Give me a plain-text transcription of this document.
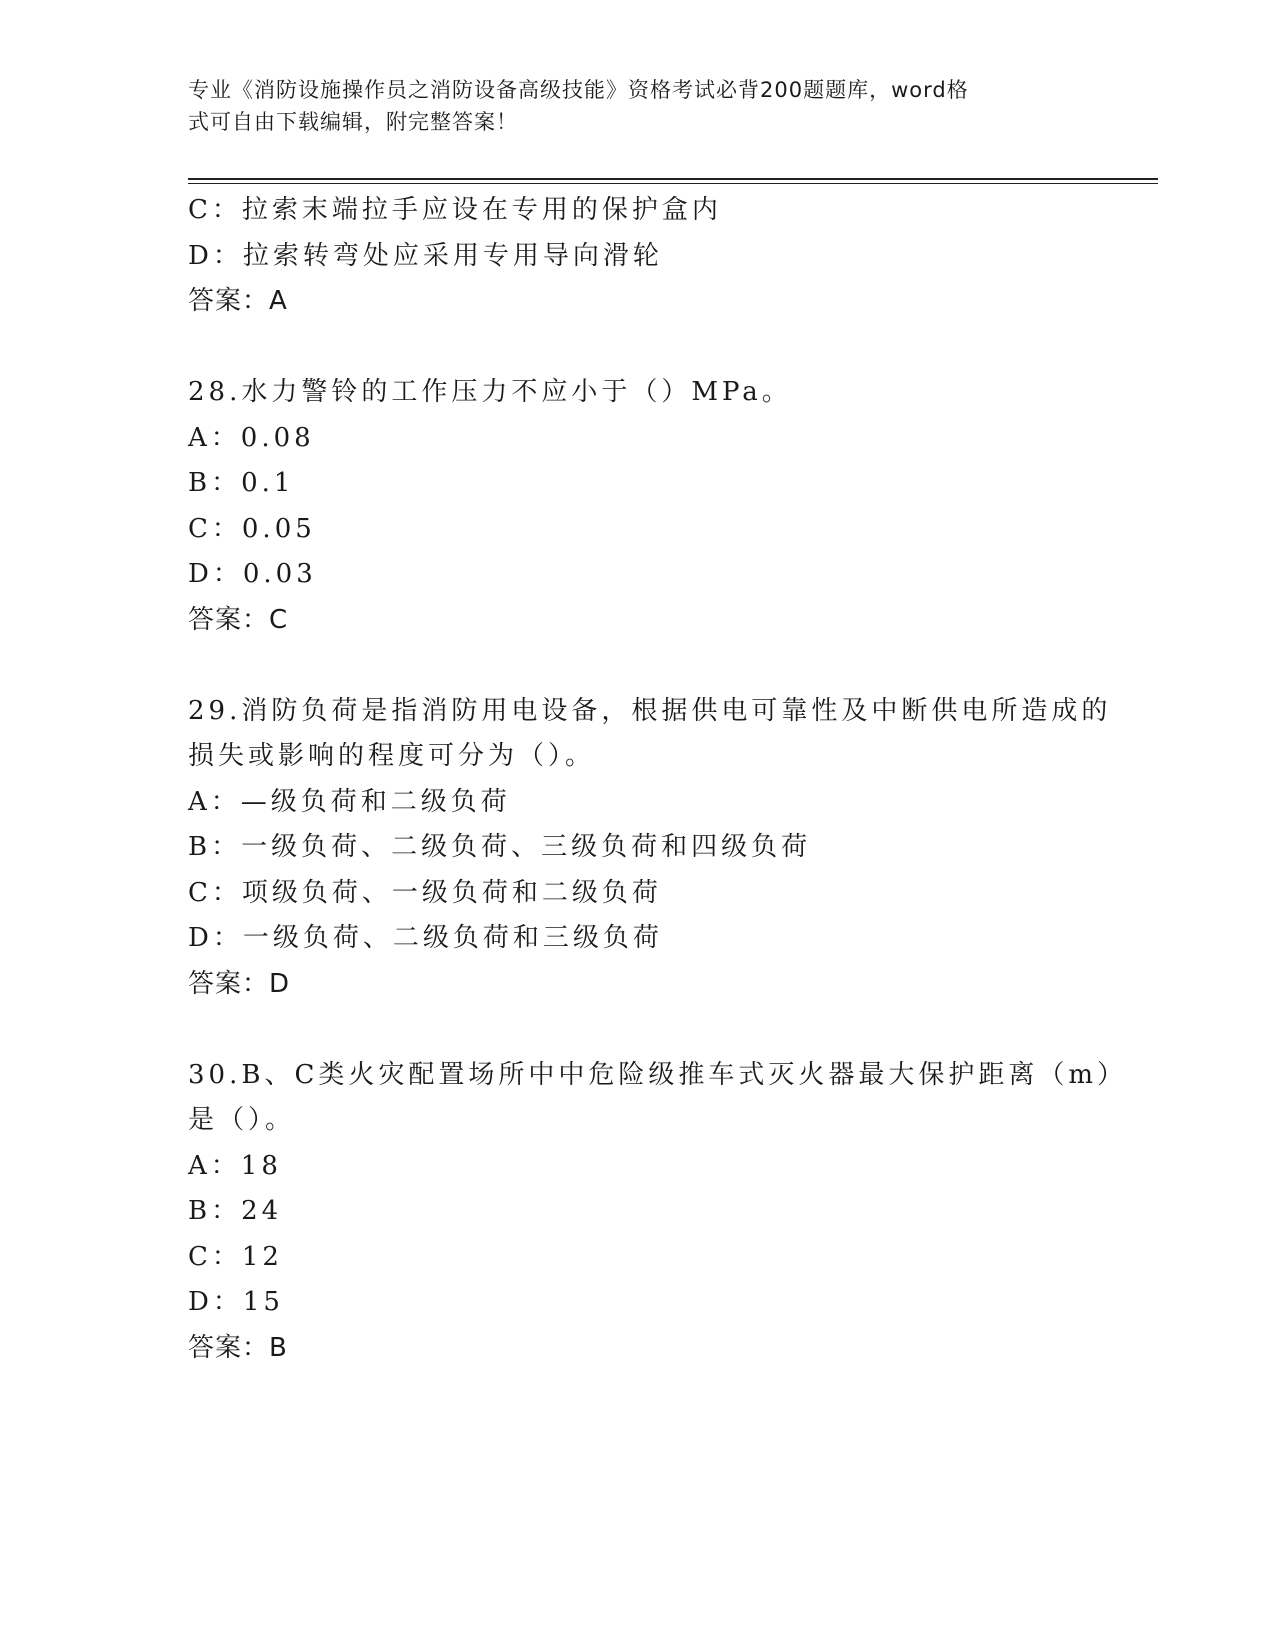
专业《消防设施操作员之消防设备高级技能》资格考试必背200题题库，word格
式可自由下载编辑，附完整答案！
C：拉索末端拉手应设在专用的保护盒内
D：拉索转弯处应采用专用导向滑轮
答案：A
28.水力警铃的工作压力不应小于（）MPa。
A：0.08
B：0.1
C：0.05
D：0.03
答案：C
29.消防负荷是指消防用电设备，根据供电可靠性及中断供电所造成的
损失或影响的程度可分为（）。
A：—级负荷和二级负荷
B：一级负荷、二级负荷、三级负荷和四级负荷
C：项级负荷、一级负荷和二级负荷
D：一级负荷、二级负荷和三级负荷
答案：D
30.B、C类火灾配置场所中中危险级推车式灭火器最大保护距离（m）
是（）。
A：18
B：24
C：12
D：15
答案：B
